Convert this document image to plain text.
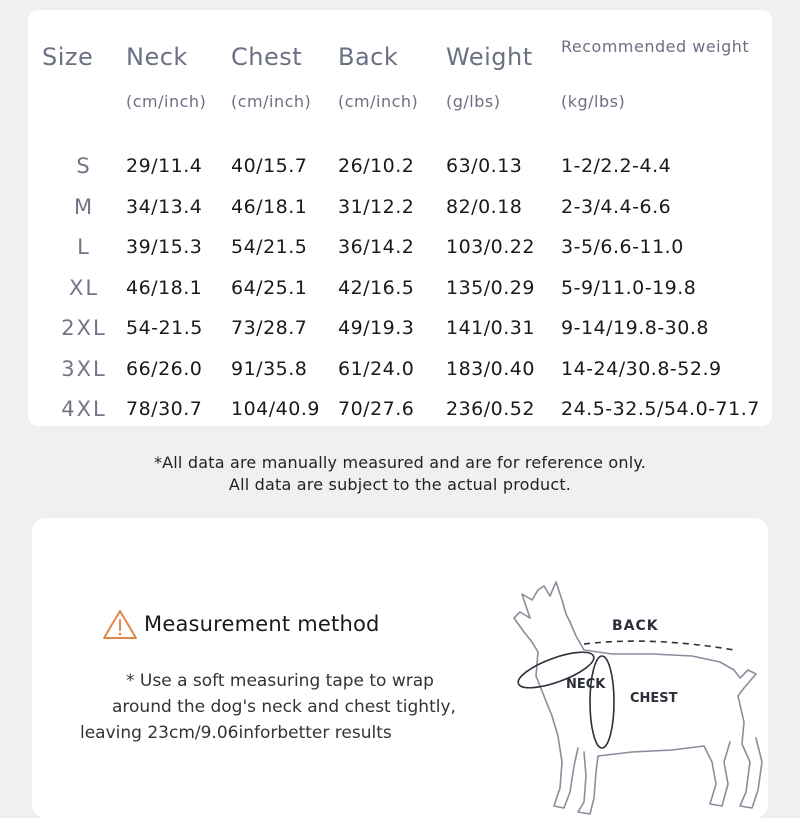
Size	Neck	Chest	Back	Weight	Recommended weight
	(cm/inch)	(cm/inch)	(cm/inch)	(g/lbs)	(kg/lbs)

S	29/11.4	40/15.7	26/10.2	63/0.13	1-2/2.2-4.4
M	34/13.4	46/18.1	31/12.2	82/0.18	2-3/4.4-6.6
L	39/15.3	54/21.5	36/14.2	103/0.22	3-5/6.6-11.0
XL	46/18.1	64/25.1	42/16.5	135/0.29	5-9/11.0-19.8
2XL	54-21.5	73/28.7	49/19.3	141/0.31	9-14/19.8-30.8
3XL	66/26.0	91/35.8	61/24.0	183/0.40	14-24/30.8-52.9
4XL	78/30.7	104/40.9	70/27.6	236/0.52	24.5-32.5/54.0-71.7
*All data are manually measured and are for reference only.
All data are subject to the actual product.
Measurement method
* Use a soft measuring tape to wrap
around the dog's neck and chest tightly,
leaving 23cm/9.06inforbetter results
BACK
NECK
CHEST
